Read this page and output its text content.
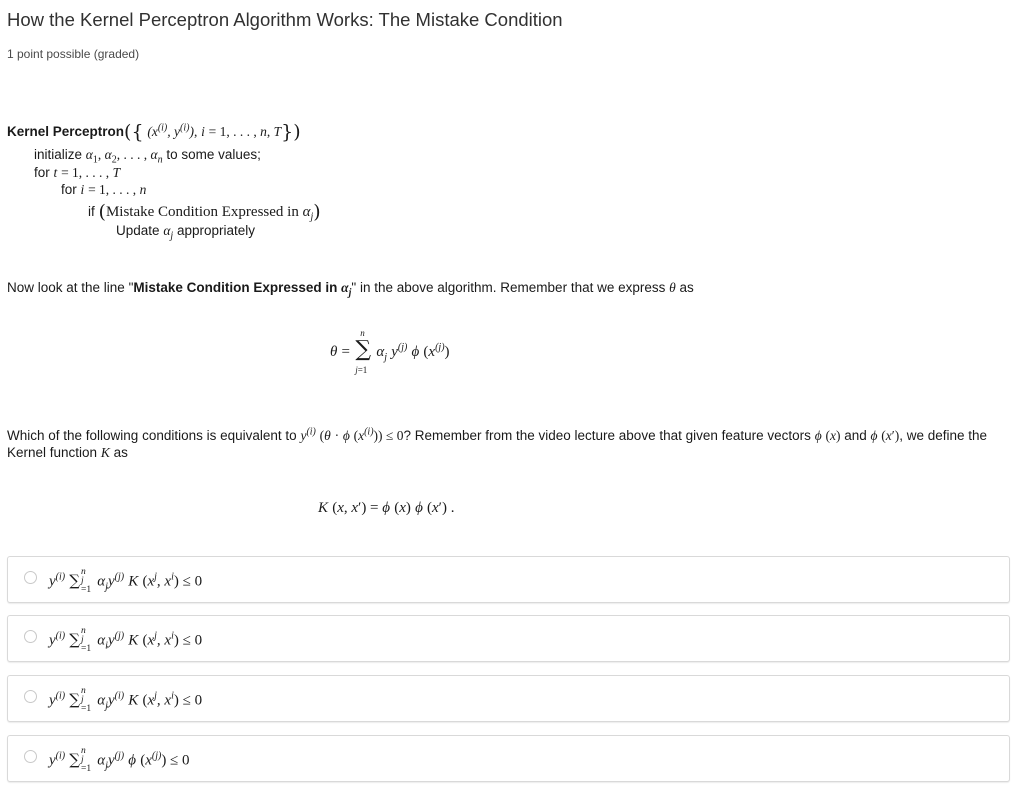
How the Kernel Perceptron Algorithm Works: The Mistake Condition
1 point possible (graded)
Kernel Perceptron({ ($x^{(i)}$, $y^{(i)}$), i = 1, . . . , n, T})
initialize $\alpha_1$, $\alpha_2$, . . . , $\alpha_n$ to some values;
for t = 1, . . . , T
for i = 1, . . . , n
if (Mistake Condition Expressed in $\alpha_j$)
Update $\alpha_j$ appropriately
Now look at the line "Mistake Condition Expressed in $\alpha_j$" in the above algorithm. Remember that we express θ as
θ = ∑
n
j=1
$\alpha_j$ $y^{(j)}$ ϕ $(x^{(j)})$
Which of the following conditions is equivalent to $y^{(i)}$ (θ · ϕ $(x^{(i)})) \le 0$? Remember from the video lecture above that given feature vectors ϕ (x) and ϕ (x′), we define the Kernel function K as
K (x, x′) = ϕ (x) ϕ (x′) .
$y^{(i)}$ ∑ n
j
=1
$\alpha_jy^{(j)}$ K ($x^j$, $x^i) \le 0$
$y^{(i)}$ ∑ n
j
=1
$\alpha_iy^{(j)}$ K ($x^j$, $x^i) \le 0$
$y^{(i)}$ ∑ n
j
=1
$\alpha_jy^{(i)}$ K ($x^j$, $x^i) \le 0$
$y^{(i)}$ ∑ n
j
=1
$\alpha_jy^{(j)}$ ϕ $(x^{(j)}) \le 0$
